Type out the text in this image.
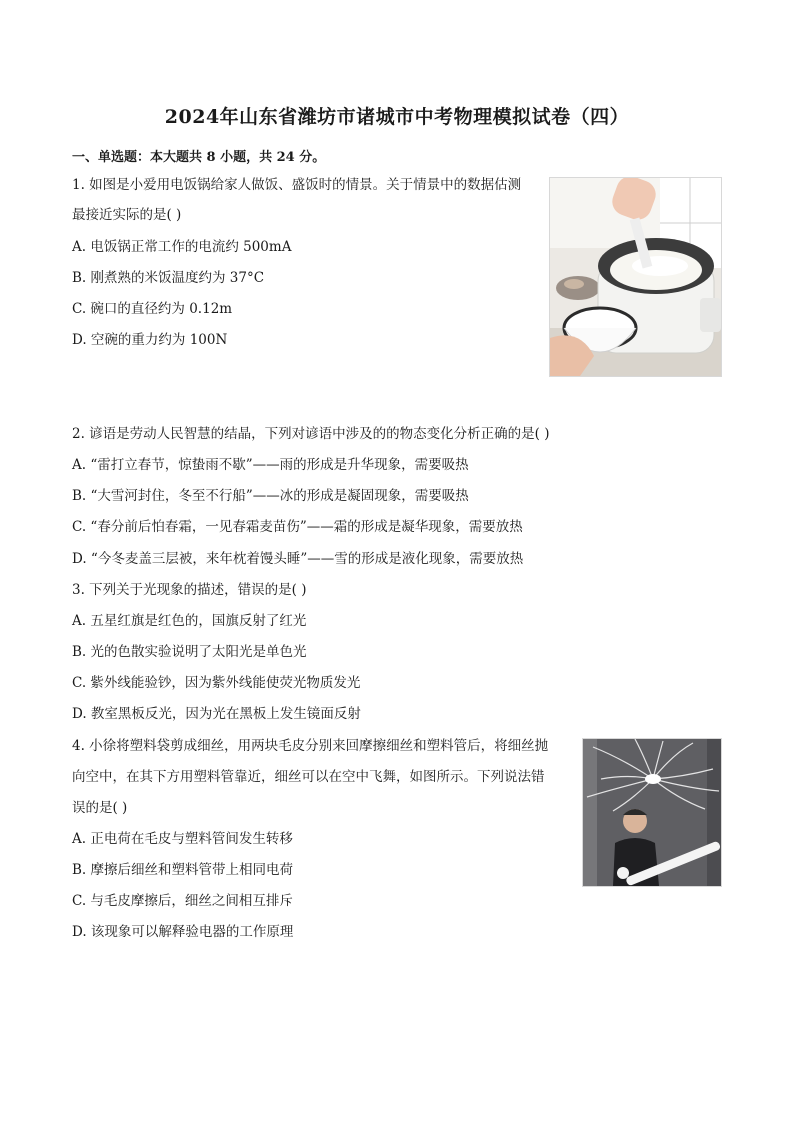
2024年山东省潍坊市诸城市中考物理模拟试卷（四）
一、单选题：本大题共 8 小题，共 24 分。
1. 如图是小爱用电饭锅给家人做饭、盛饭时的情景。关于情景中的数据估测
最接近实际的是( )
A. 电饭锅正常工作的电流约 500mA
B. 刚煮熟的米饭温度约为 37°C
C. 碗口的直径约为 0.12m
D. 空碗的重力约为 100N
2. 谚语是劳动人民智慧的结晶，下列对谚语中涉及的的物态变化分析正确的是( )
A. “雷打立春节，惊蛰雨不歇”——雨的形成是升华现象，需要吸热
B. “大雪河封住，冬至不行船”——冰的形成是凝固现象，需要吸热
C. “春分前后怕春霜，一见春霜麦苗伤”——霜的形成是凝华现象，需要放热
D. “今冬麦盖三层被，来年枕着馒头睡”——雪的形成是液化现象，需要放热
3. 下列关于光现象的描述，错误的是( )
A. 五星红旗是红色的，国旗反射了红光
B. 光的色散实验说明了太阳光是单色光
C. 紫外线能验钞，因为紫外线能使荧光物质发光
D. 教室黑板反光，因为光在黑板上发生镜面反射
4. 小徐将塑料袋剪成细丝，用两块毛皮分别来回摩擦细丝和塑料管后，将细丝抛
向空中，在其下方用塑料管靠近，细丝可以在空中飞舞，如图所示。下列说法错
误的是( )
A. 正电荷在毛皮与塑料管间发生转移
B. 摩擦后细丝和塑料管带上相同电荷
C. 与毛皮摩擦后，细丝之间相互排斥
D. 该现象可以解释验电器的工作原理
